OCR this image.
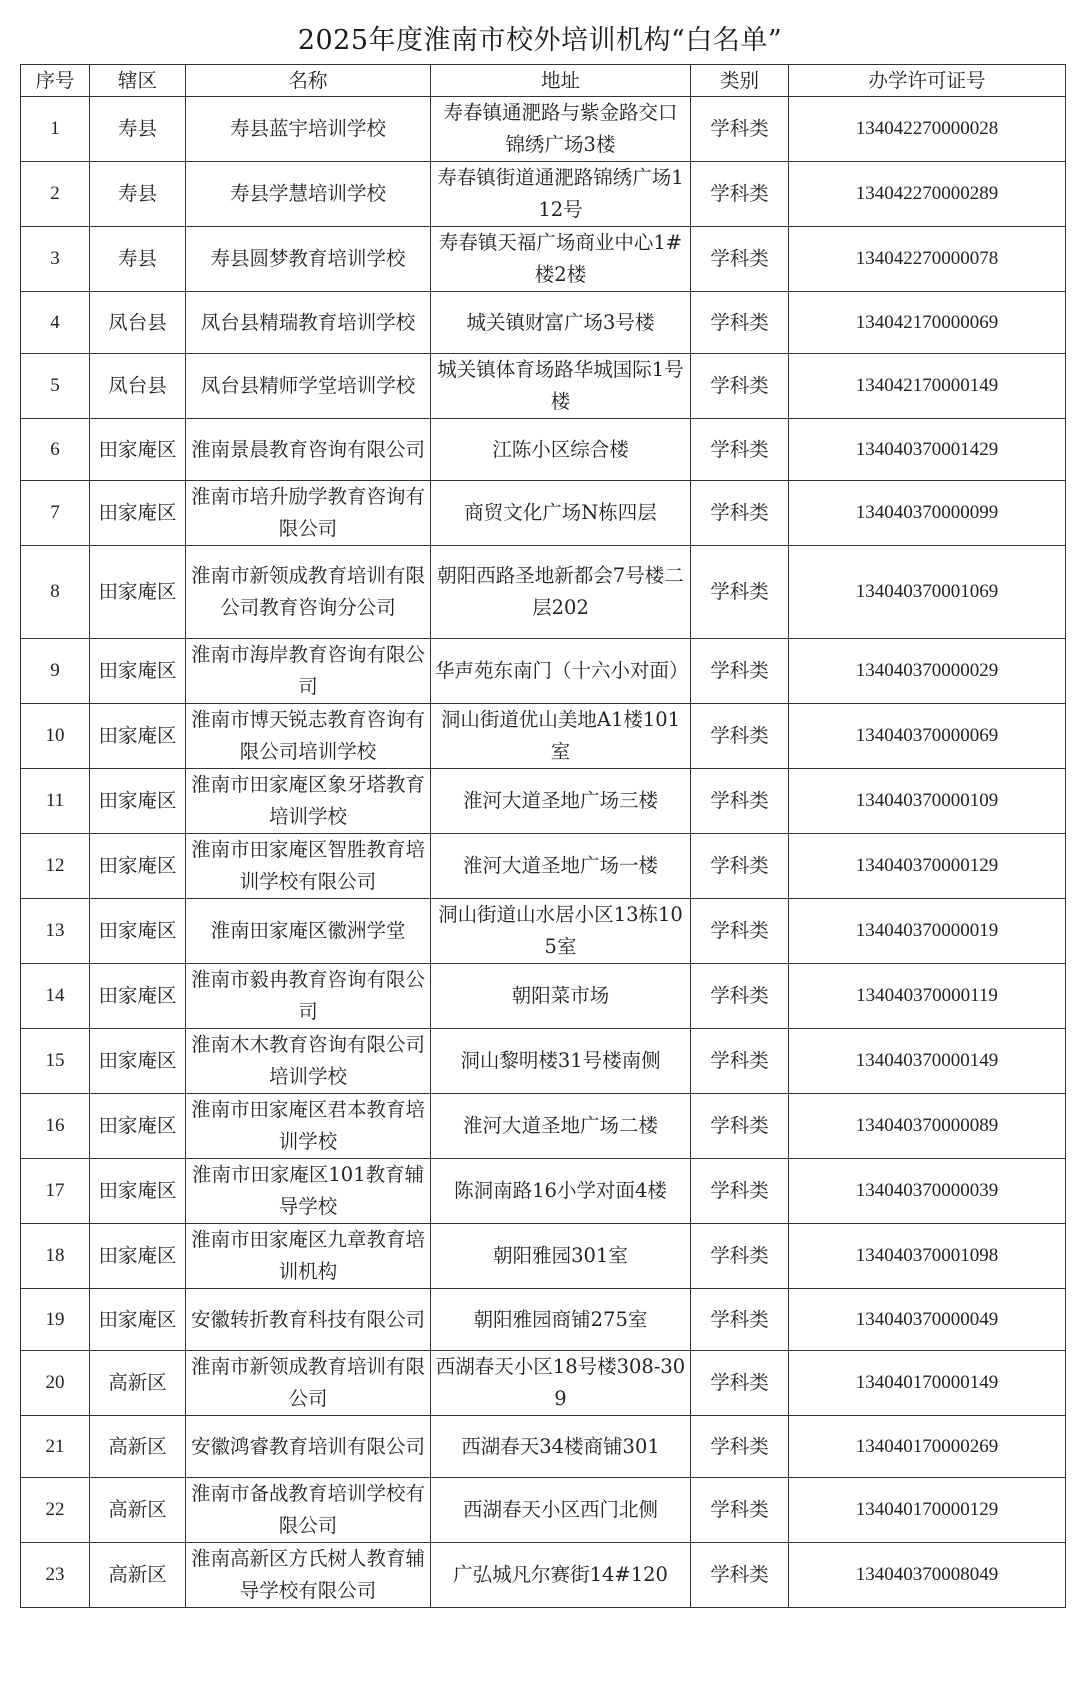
2025年度淮南市校外培训机构“白名单”
序号	辖区	名称	地址	类别	办学许可证号
1	寿县	寿县蓝宇培训学校	寿春镇通淝路与紫金路交口锦绣广场3楼	学科类	134042270000028
2	寿县	寿县学慧培训学校	寿春镇街道通淝路锦绣广场112号	学科类	134042270000289
3	寿县	寿县圆梦教育培训学校	寿春镇天福广场商业中心1#楼2楼	学科类	134042270000078
4	凤台县	凤台县精瑞教育培训学校	城关镇财富广场3号楼	学科类	134042170000069
5	凤台县	凤台县精师学堂培训学校	城关镇体育场路华城国际1号楼	学科类	134042170000149
6	田家庵区	淮南景晨教育咨询有限公司	江陈小区综合楼	学科类	134040370001429
7	田家庵区	淮南市培升励学教育咨询有限公司	商贸文化广场N栋四层	学科类	134040370000099
8	田家庵区	淮南市新领成教育培训有限公司教育咨询分公司	朝阳西路圣地新都会7号楼二层202	学科类	134040370001069
9	田家庵区	淮南市海岸教育咨询有限公司	华声苑东南门（十六小对面）	学科类	134040370000029
10	田家庵区	淮南市博天锐志教育咨询有限公司培训学校	洞山街道优山美地A1楼101室	学科类	134040370000069
11	田家庵区	淮南市田家庵区象牙塔教育培训学校	淮河大道圣地广场三楼	学科类	134040370000109
12	田家庵区	淮南市田家庵区智胜教育培训学校有限公司	淮河大道圣地广场一楼	学科类	134040370000129
13	田家庵区	淮南田家庵区徽洲学堂	洞山街道山水居小区13栋105室	学科类	134040370000019
14	田家庵区	淮南市毅冉教育咨询有限公司	朝阳菜市场	学科类	134040370000119
15	田家庵区	淮南木木教育咨询有限公司培训学校	洞山黎明楼31号楼南侧	学科类	134040370000149
16	田家庵区	淮南市田家庵区君本教育培训学校	淮河大道圣地广场二楼	学科类	134040370000089
17	田家庵区	淮南市田家庵区101教育辅导学校	陈洞南路16小学对面4楼	学科类	134040370000039
18	田家庵区	淮南市田家庵区九章教育培训机构	朝阳雅园301室	学科类	134040370001098
19	田家庵区	安徽转折教育科技有限公司	朝阳雅园商铺275室	学科类	134040370000049
20	高新区	淮南市新领成教育培训有限公司	西湖春天小区18号楼308-309	学科类	134040170000149
21	高新区	安徽鸿睿教育培训有限公司	西湖春天34楼商铺301	学科类	134040170000269
22	高新区	淮南市备战教育培训学校有限公司	西湖春天小区西门北侧	学科类	134040170000129
23	高新区	淮南高新区方氏树人教育辅导学校有限公司	广弘城凡尔赛街14#120	学科类	134040370008049
